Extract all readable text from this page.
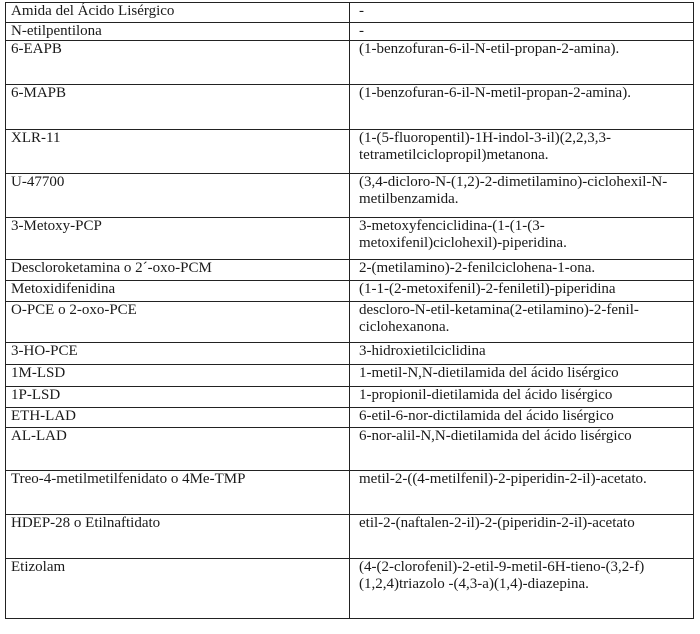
Amida del Ácido Lisérgico	-
N-etilpentilona	-
6-EAPB	(1-benzofuran-6-il-N-etil-propan-2-amina).
6-MAPB	(1-benzofuran-6-il-N-metil-propan-2-amina).
XLR-11	(1-(5-fluoropentil)-1H-indol-3-il)(2,2,3,3-tetrametilciclopropil)metanona.
U-47700	(3,4-dicloro-N-(1,2)-2-dimetilamino)-ciclohexil-N-metilbenzamida.
3-Metoxy-PCP	3-metoxyfenciclidina-(1-(1-(3-metoxifenil)ciclohexil)-piperidina.
Descloroketamina o 2´-oxo-PCM	2-(metilamino)-2-fenilciclohena-1-ona.
Metoxidifenidina	(1-1-(2-metoxifenil)-2-feniletil)-piperidina
O-PCE o 2-oxo-PCE	descloro-N-etil-ketamina(2-etilamino)-2-fenil-ciclohexanona.
3-HO-PCE	3-hidroxietilciclidina
1M-LSD	1-metil-N,N-dietilamida del ácido lisérgico
1P-LSD	1-propionil-dietilamida del ácido lisérgico
ETH-LAD	6-etil-6-nor-dictilamida del ácido lisérgico
AL-LAD	6-nor-alil-N,N-dietilamida del ácido lisérgico
Treo-4-metilmetilfenidato o 4Me-TMP	metil-2-((4-metilfenil)-2-piperidin-2-il)-acetato.
HDEP-28 o Etilnaftidato	etil-2-(naftalen-2-il)-2-(piperidin-2-il)-acetato
Etizolam	(4-(2-clorofenil)-2-etil-9-metil-6H-tieno-(3,2-f)(1,2,4)triazolo -(4,3-a)(1,4)-diazepina.
